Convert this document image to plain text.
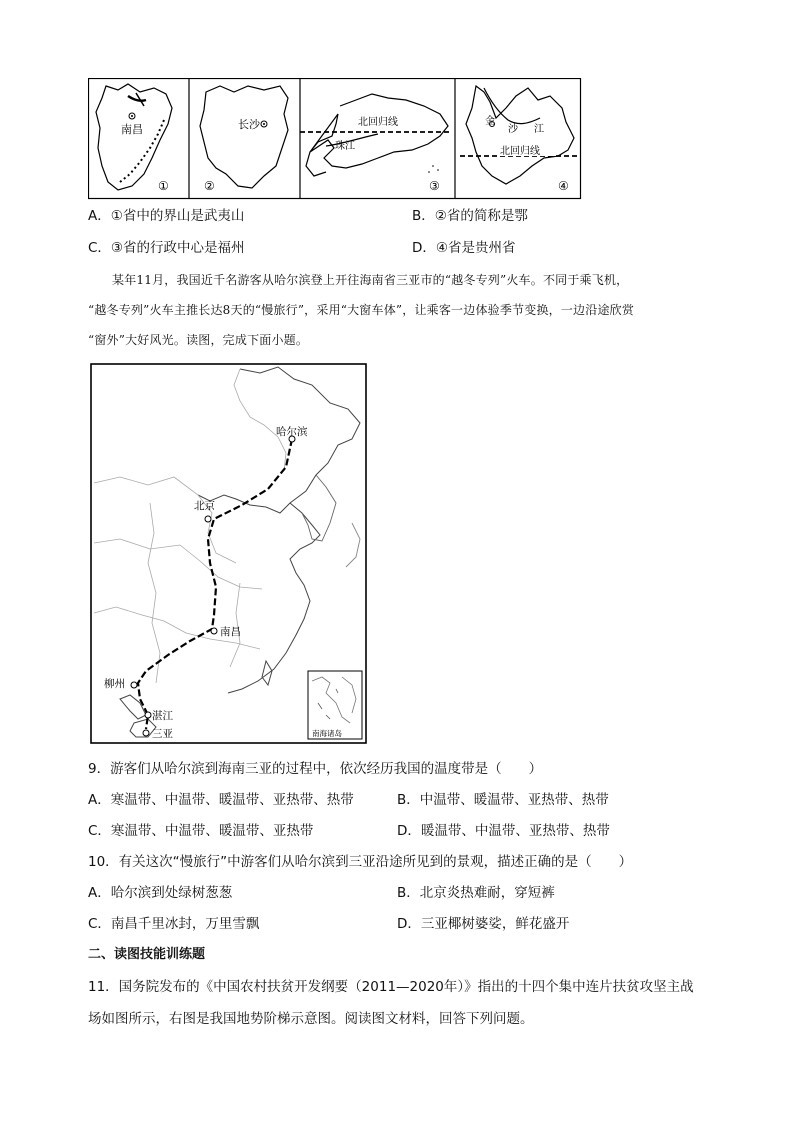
南昌
①
长沙
②
北回归线
珠江
③
金
沙 江
北回归线
④
A．①省中的界山是武夷山	B．②省的简称是鄂
C．③省的行政中心是福州	D．④省是贵州省
某年11月，我国近千名游客从哈尔滨登上开往海南省三亚市的“越冬专列”火车。不同于乘飞机，
“越冬专列”火车主推长达8天的“慢旅行”，采用“大窗车体”，让乘客一边体验季节变换，一边沿途欣赏
“窗外”大好风光。读图，完成下面小题。
哈尔滨
北京
南昌
柳州
湛江
三亚	南海诸岛
9．游客们从哈尔滨到海南三亚的过程中，依次经历我国的温度带是（　　）
A．寒温带、中温带、暖温带、亚热带、热带	B．中温带、暖温带、亚热带、热带
C．寒温带、中温带、暖温带、亚热带	D．暖温带、中温带、亚热带、热带
10．有关这次“慢旅行”中游客们从哈尔滨到三亚沿途所见到的景观，描述正确的是（　　）
A．哈尔滨到处绿树葱葱	B．北京炎热难耐，穿短裤
C．南昌千里冰封，万里雪飘	D．三亚椰树婆娑，鲜花盛开
二、读图技能训练题
11．国务院发布的《中国农村扶贫开发纲要（2011—2020年）》指出的十四个集中连片扶贫攻坚主战
场如图所示，右图是我国地势阶梯示意图。阅读图文材料，回答下列问题。
